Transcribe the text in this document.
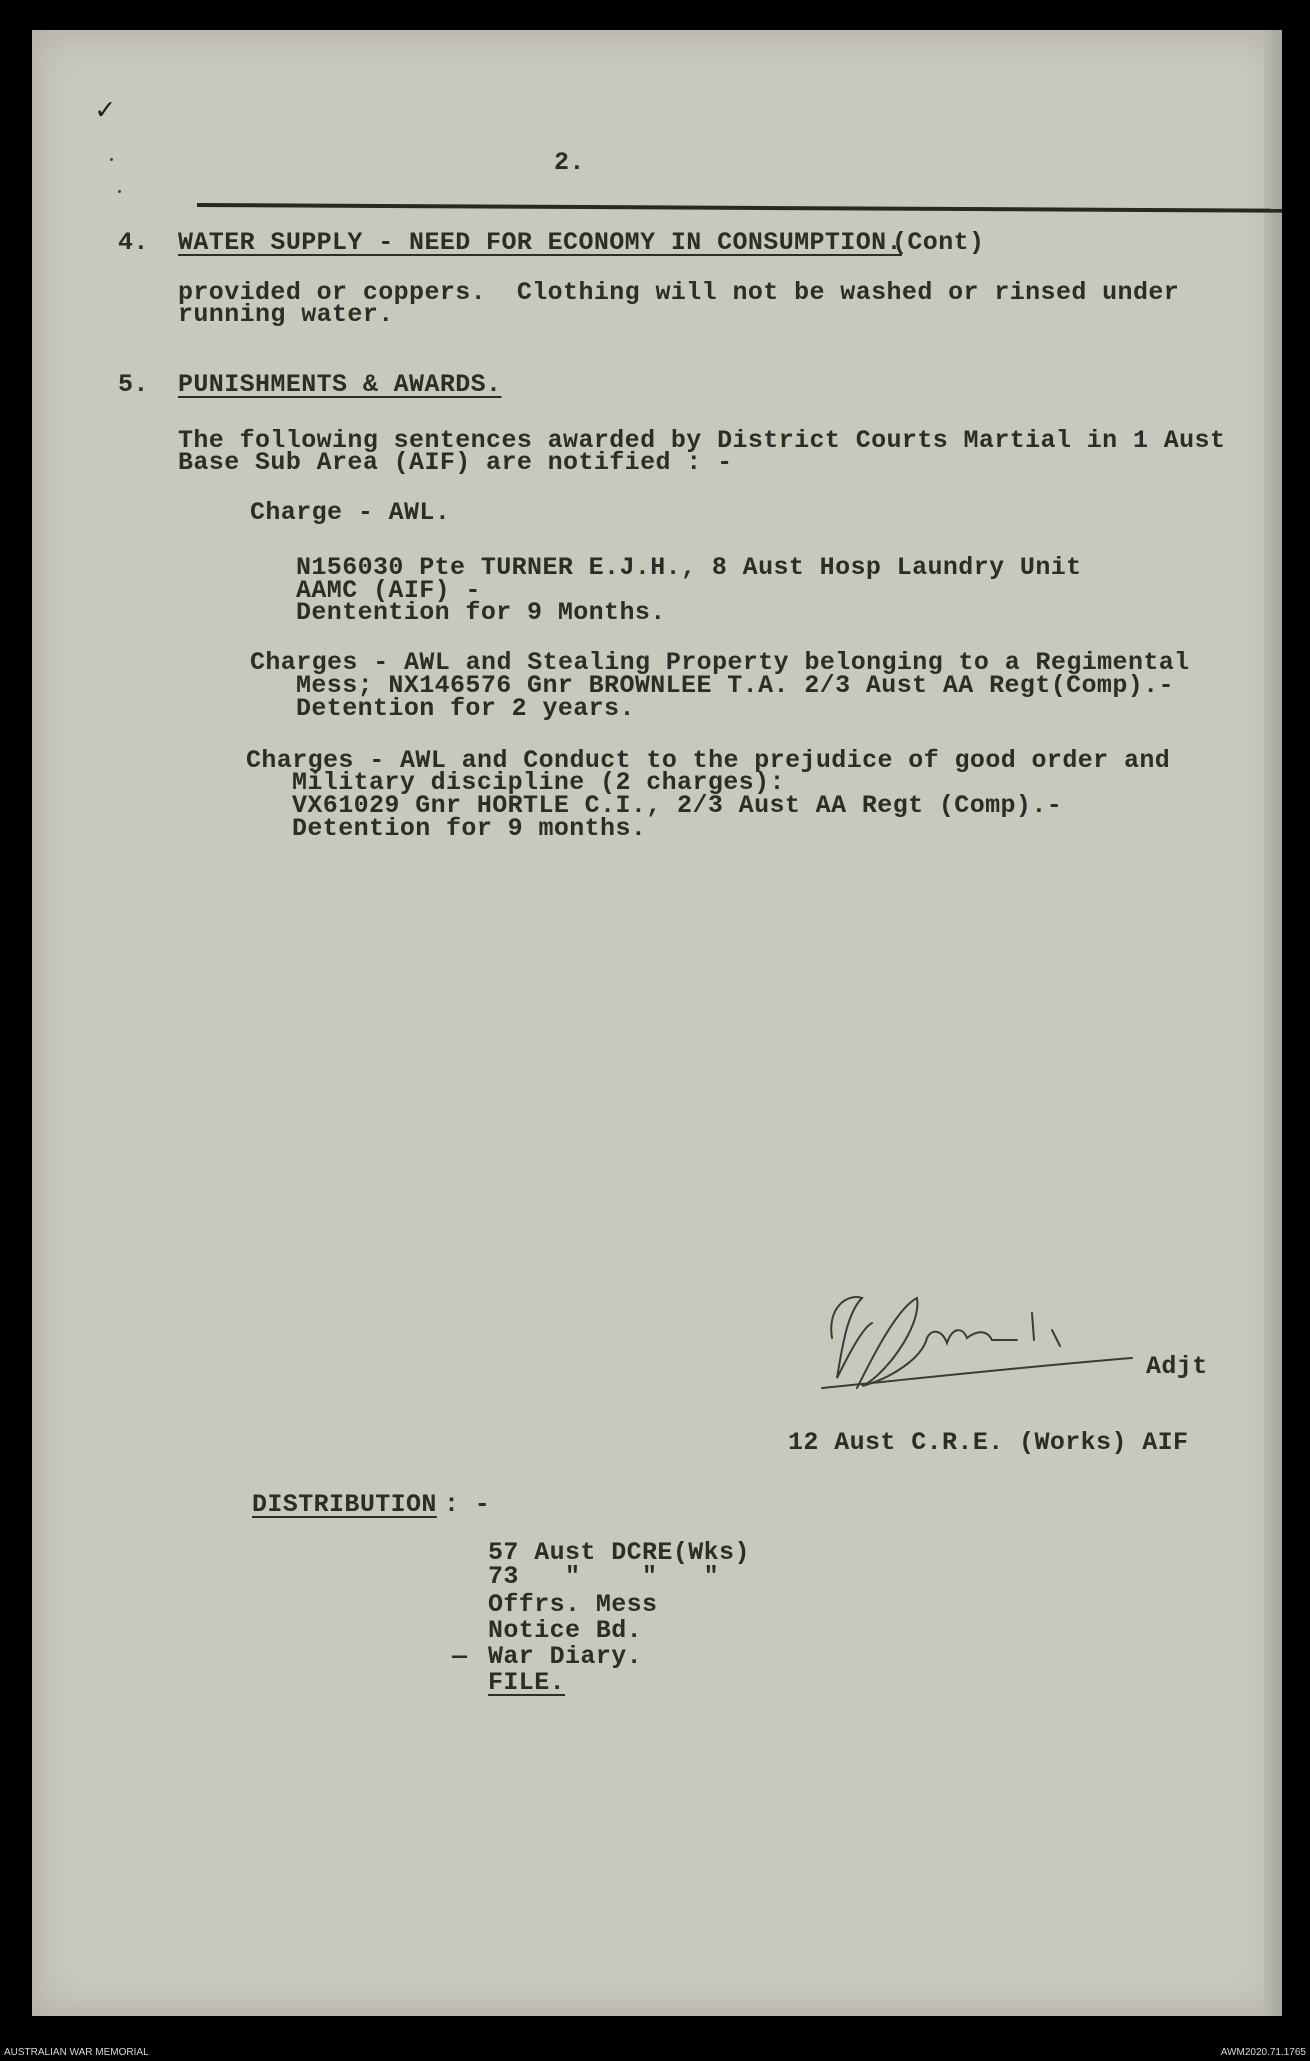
✓
2.
4. WATER SUPPLY - NEED FOR ECONOMY IN CONSUMPTION.
(Cont)
provided or coppers.  Clothing will not be washed or rinsed under
running water.
5. PUNISHMENTS & AWARDS.
The following sentences awarded by District Courts Martial in 1 Aust
Base Sub Area (AIF) are notified : -
Charge - AWL.
N156030 Pte TURNER E.J.H., 8 Aust Hosp Laundry Unit
AAMC (AIF) -
Dentention for 9 Months.
Charges - AWL and Stealing Property belonging to a Regimental
Mess; NX146576 Gnr BROWNLEE T.A. 2/3 Aust AA Regt(Comp).-
Detention for 2 years.
Charges - AWL and Conduct to the prejudice of good order and
Military discipline (2 charges):
VX61029 Gnr HORTLE C.I., 2/3 Aust AA Regt (Comp).-
Detention for 9 months.
Adjt
12 Aust C.R.E. (Works) AIF
DISTRIBUTION : -
57 Aust DCRE(Wks)
73   "    "   "
Offrs. Mess
Notice Bd.
— War Diary.
FILE.
AUSTRALIAN WAR MEMORIAL	AWM2020.71.1765
